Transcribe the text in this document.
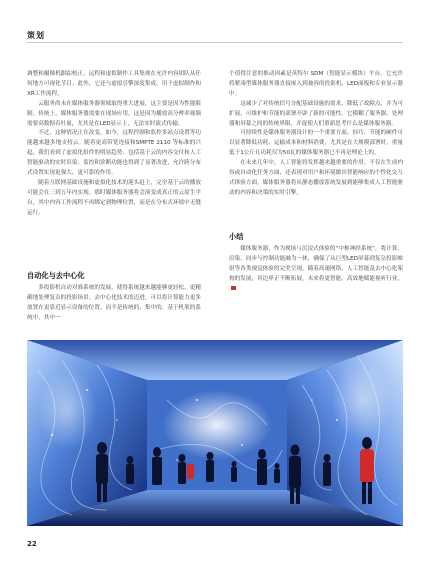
策划

调整和摄像机跟踪校正。远程和虚拟制作工具集现在允许内容团队从任何地方可视化节目。此外，它还与虚拟引擎深度集成，用于虚拟制作和XR工作流程。

云服务尚未在媒体服务器领域取得重大进展，这主要是因为性能限制。传统上，媒体服务器需要在现场应用，这是因为播放高分辨率视频需要高数据吞吐量，尤其是在LED显示上，无法实时流式传输。

不过，这种情况正在改变。如今，远程控制和监控多站点设置等功能越来越多地支持云。随着更高带宽连接和SMPTE 2110 等标准的兴起，我们看到了虚拟化组件的明显趋势，包括基于云的内容交付和人工智能驱动的实时渲染。监控和诊断功能也得到了显著改进，允许跨分布式设置实现更强大、更可靠的作用。

随着互联网基础设施和虚拟化技术的迎头赶上，完全基于云的播放可能会在三到五年内实现。那时媒体服务器将会演变成真正的云原生平台，其中内容工作流程不再绑定到物理位置，而是在分布式环境中无缝运行。

自动化与去中心化

多投影机自动对准系统的发展，使得系统越来越能够更轻松、更精确地处理复杂的投影场景。去中心化技术的迈进，可以将计算能力更多放置在更靠近显示设备的位置，而不是传统的、集中的、基于机架的系统中。其中一

个值得注意的推动因素是英特尔 SDM（智能显示模块）平台。它允许将紧凑型媒体服务器直接嵌入到兼容的投影机、LED面板和专业显示器中。

这减少了对传统信号分配基础设施的需求，降低了故障点，并为可扩展、可维护和节能的部署开辟了新的可能性。它模糊了服务器、处理器和屏幕之间的传统界限，并促使人们重新思考什么是媒体服务器。

可持续性是媒体服务器设计的一个重要方面。轻巧、节能的硬件可以显著降低功耗、运输成本和材料消费，尤其是在大规模部署时。重量低于1公斤且功耗仅为50瓦的媒体服务器已不再是理论上的。

在未来几年中，人工智能将发挥越来越重要的作用。不仅在生成内容或自动化任务方面，还表现对用户和环境做出智能响应的个性化交互式体验方面。媒体服务器将从静态播放系统发展到能够集成人工智能驱动的内容和决策的实时引擎。

小结

媒体服务器，作为现场与沉浸式体验的“中枢神经系统”，将计算、渲染、同步与控制功能融为一体，确保了从巨型LED屏幕到复杂投影映射等各类视觉体验的完美呈现。随着高速网络、人工智能及去中心化架构的发展，其边界正不断拓展，未来将更智能、高效地赋能视听行业。

22
